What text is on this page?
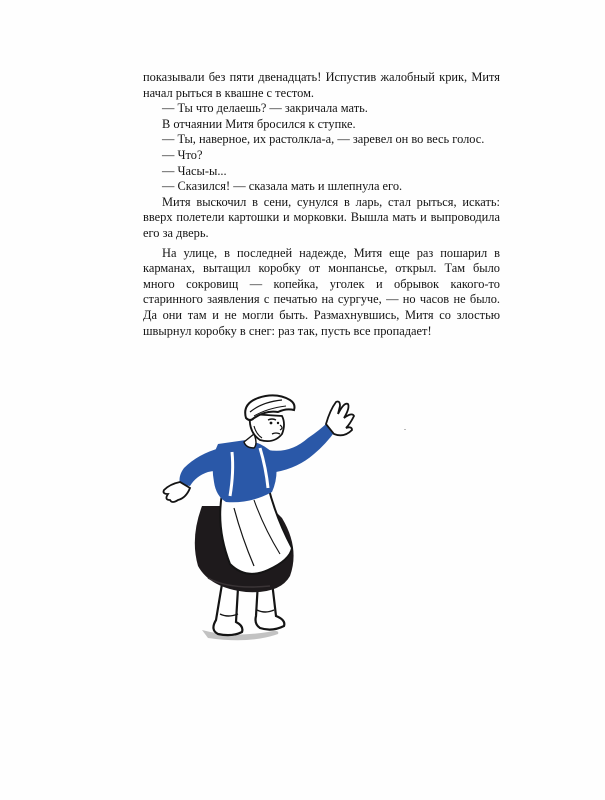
показывали без пяти двенадцать! Испустив жалобный крик, Митя начал рыться в квашне с тестом.

— Ты что делаешь? — закричала мать.

В отчаянии Митя бросился к ступке.

— Ты, наверное, их растолкла-а, — заревел он во весь голос.

— Что?

— Часы-ы...

— Сказился! — сказала мать и шлепнула его.

Митя выскочил в сени, сунулся в ларь, стал рыться, искать: вверх полетели картошки и морковки. Вышла мать и выпроводила его за дверь.

На улице, в последней надежде, Митя еще раз пошарил в карманах, вытащил коробку от монпансье, открыл. Там было много сокровищ — копейка, уголек и обрывок какого-то старинного заявления с печатью на сургуче, — но часов не было. Да они там и не могли быть. Размахнувшись, Митя со злостью швырнул коробку в снег: раз так, пусть все пропадает!
